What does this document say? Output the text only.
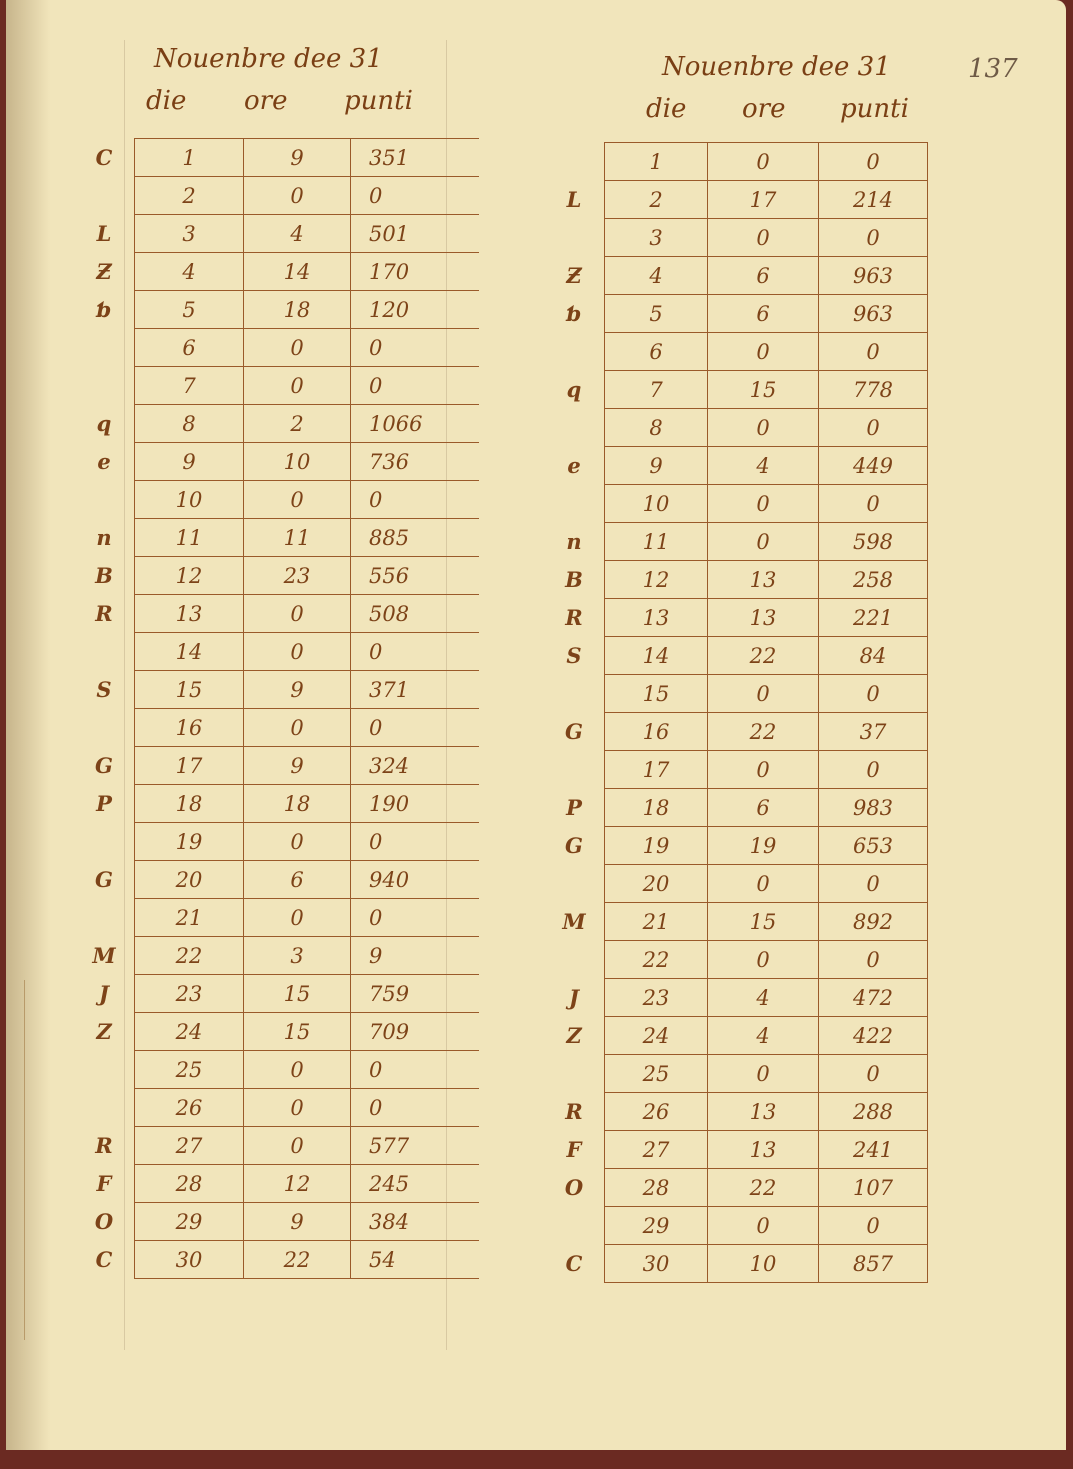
137
Nouenbre dee 31
die ore punti
Nouenbre dee 31
die ore punti
C	1	9	351
	2	0	0
L	3	4	501
Ƶ	4	14	170
ƅ	5	18	120
	6	0	0
	7	0	0
q	8	2	1066
e	9	10	736
	10	0	0
n	11	11	885
B	12	23	556
R	13	0	508
	14	0	0
S	15	9	371
	16	0	0
G	17	9	324
P	18	18	190
	19	0	0
G	20	6	940
	21	0	0
M	22	3	9
J	23	15	759
Z	24	15	709
	25	0	0
	26	0	0
R	27	0	577
F	28	12	245
O	29	9	384
C	30	22	54
	1	0	0
L	2	17	214
	3	0	0
Ƶ	4	6	963
ƅ	5	6	963
	6	0	0
q	7	15	778
	8	0	0
e	9	4	449
	10	0	0
n	11	0	598
B	12	13	258
R	13	13	221
S	14	22	84
	15	0	0
G	16	22	37
	17	0	0
P	18	6	983
G	19	19	653
	20	0	0
M	21	15	892
	22	0	0
J	23	4	472
Z	24	4	422
	25	0	0
R	26	13	288
F	27	13	241
O	28	22	107
	29	0	0
C	30	10	857
